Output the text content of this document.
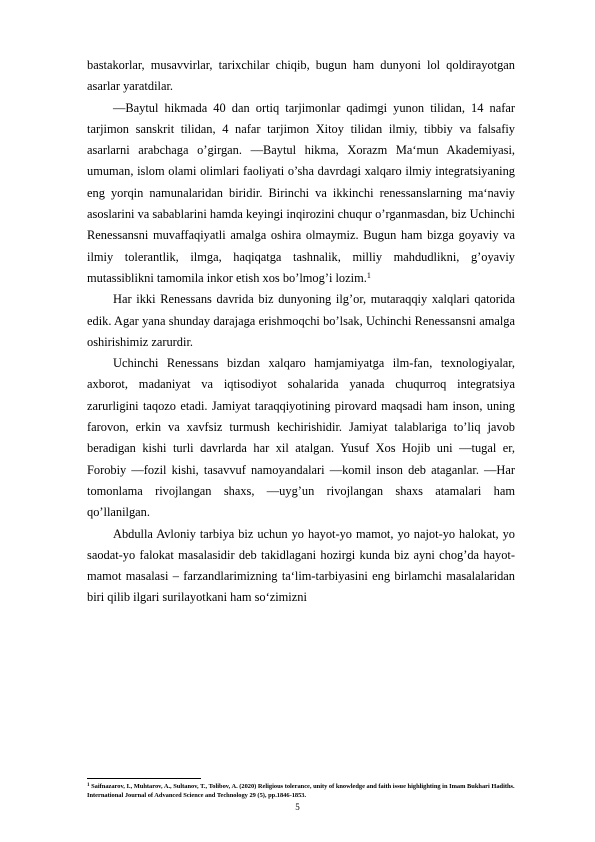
bastakorlar, musavvirlar, tarixchilar chiqib, bugun ham dunyoni lol qoldirayotgan asarlar yaratdilar.

―Baytul hikmada 40 dan ortiq tarjimonlar qadimgi yunon tilidan, 14 nafar tarjimon sanskrit tilidan, 4 nafar tarjimon Xitoy tilidan ilmiy, tibbiy va falsafiy asarlarni arabchaga o’girgan. ―Baytul hikma, Xorazm Ma‘mun Akademiyasi, umuman, islom olami olimlari faoliyati o’sha davrdagi xalqaro ilmiy integratsiyaning eng yorqin namunalaridan biridir. Birinchi va ikkinchi renessanslarning ma‘naviy asoslarini va sabablarini hamda keyingi inqirozini chuqur o’rganmasdan, biz Uchinchi Renessansni muvaffaqiyatli amalga oshira olmaymiz. Bugun ham bizga goyaviy va ilmiy tolerantlik, ilmga, haqiqatga tashnalik, milliy mahdudlikni, g’oyaviy mutassiblikni tamomila inkor etish xos bo’lmog’i lozim.$^1$

Har ikki Renessans davrida biz dunyoning ilg’or, mutaraqqiy xalqlari qatorida edik. Agar yana shunday darajaga erishmoqchi bo’lsak, Uchinchi Renessansni amalga oshirishimiz zarurdir.

Uchinchi Renessans bizdan xalqaro hamjamiyatga ilm-fan, texnologiyalar, axborot, madaniyat va iqtisodiyot sohalarida yanada chuqurroq integratsiya zarurligini taqozo etadi. Jamiyat taraqqiyotining pirovard maqsadi ham inson, uning farovon, erkin va xavfsiz turmush kechirishidir. Jamiyat talablariga to’liq javob beradigan kishi turli davrlarda har xil atalgan. Yusuf Xos Hojib uni ―tugal er, Forobiy ―fozil kishi, tasavvuf namoyandalari ―komil inson deb ataganlar. ―Har tomonlama rivojlangan shaxs, ―uyg’un rivojlangan shaxs atamalari ham qo’llanilgan.

Abdulla Avloniy tarbiya biz uchun yo hayot-yo mamot, yo najot-yo halokat, yo saodat-yo falokat masalasidir deb takidlagani hozirgi kunda biz ayni chog’da hayot-mamot masalasi – farzandlarimizning ta‘lim-tarbiyasini eng birlamchi masalalaridan biri qilib ilgari surilayotkani ham so‘zimizni

$^1$ Saifnazarov, I., Muhtarov, A., Sultanov, T., Tolibov, A. (2020) Religious tolerance, unity of knowledge and faith issue highlighting in Imam Bukhari Hadiths. International Journal of Advanced Science and Technology 29 (5), pp.1846-1853.
5
